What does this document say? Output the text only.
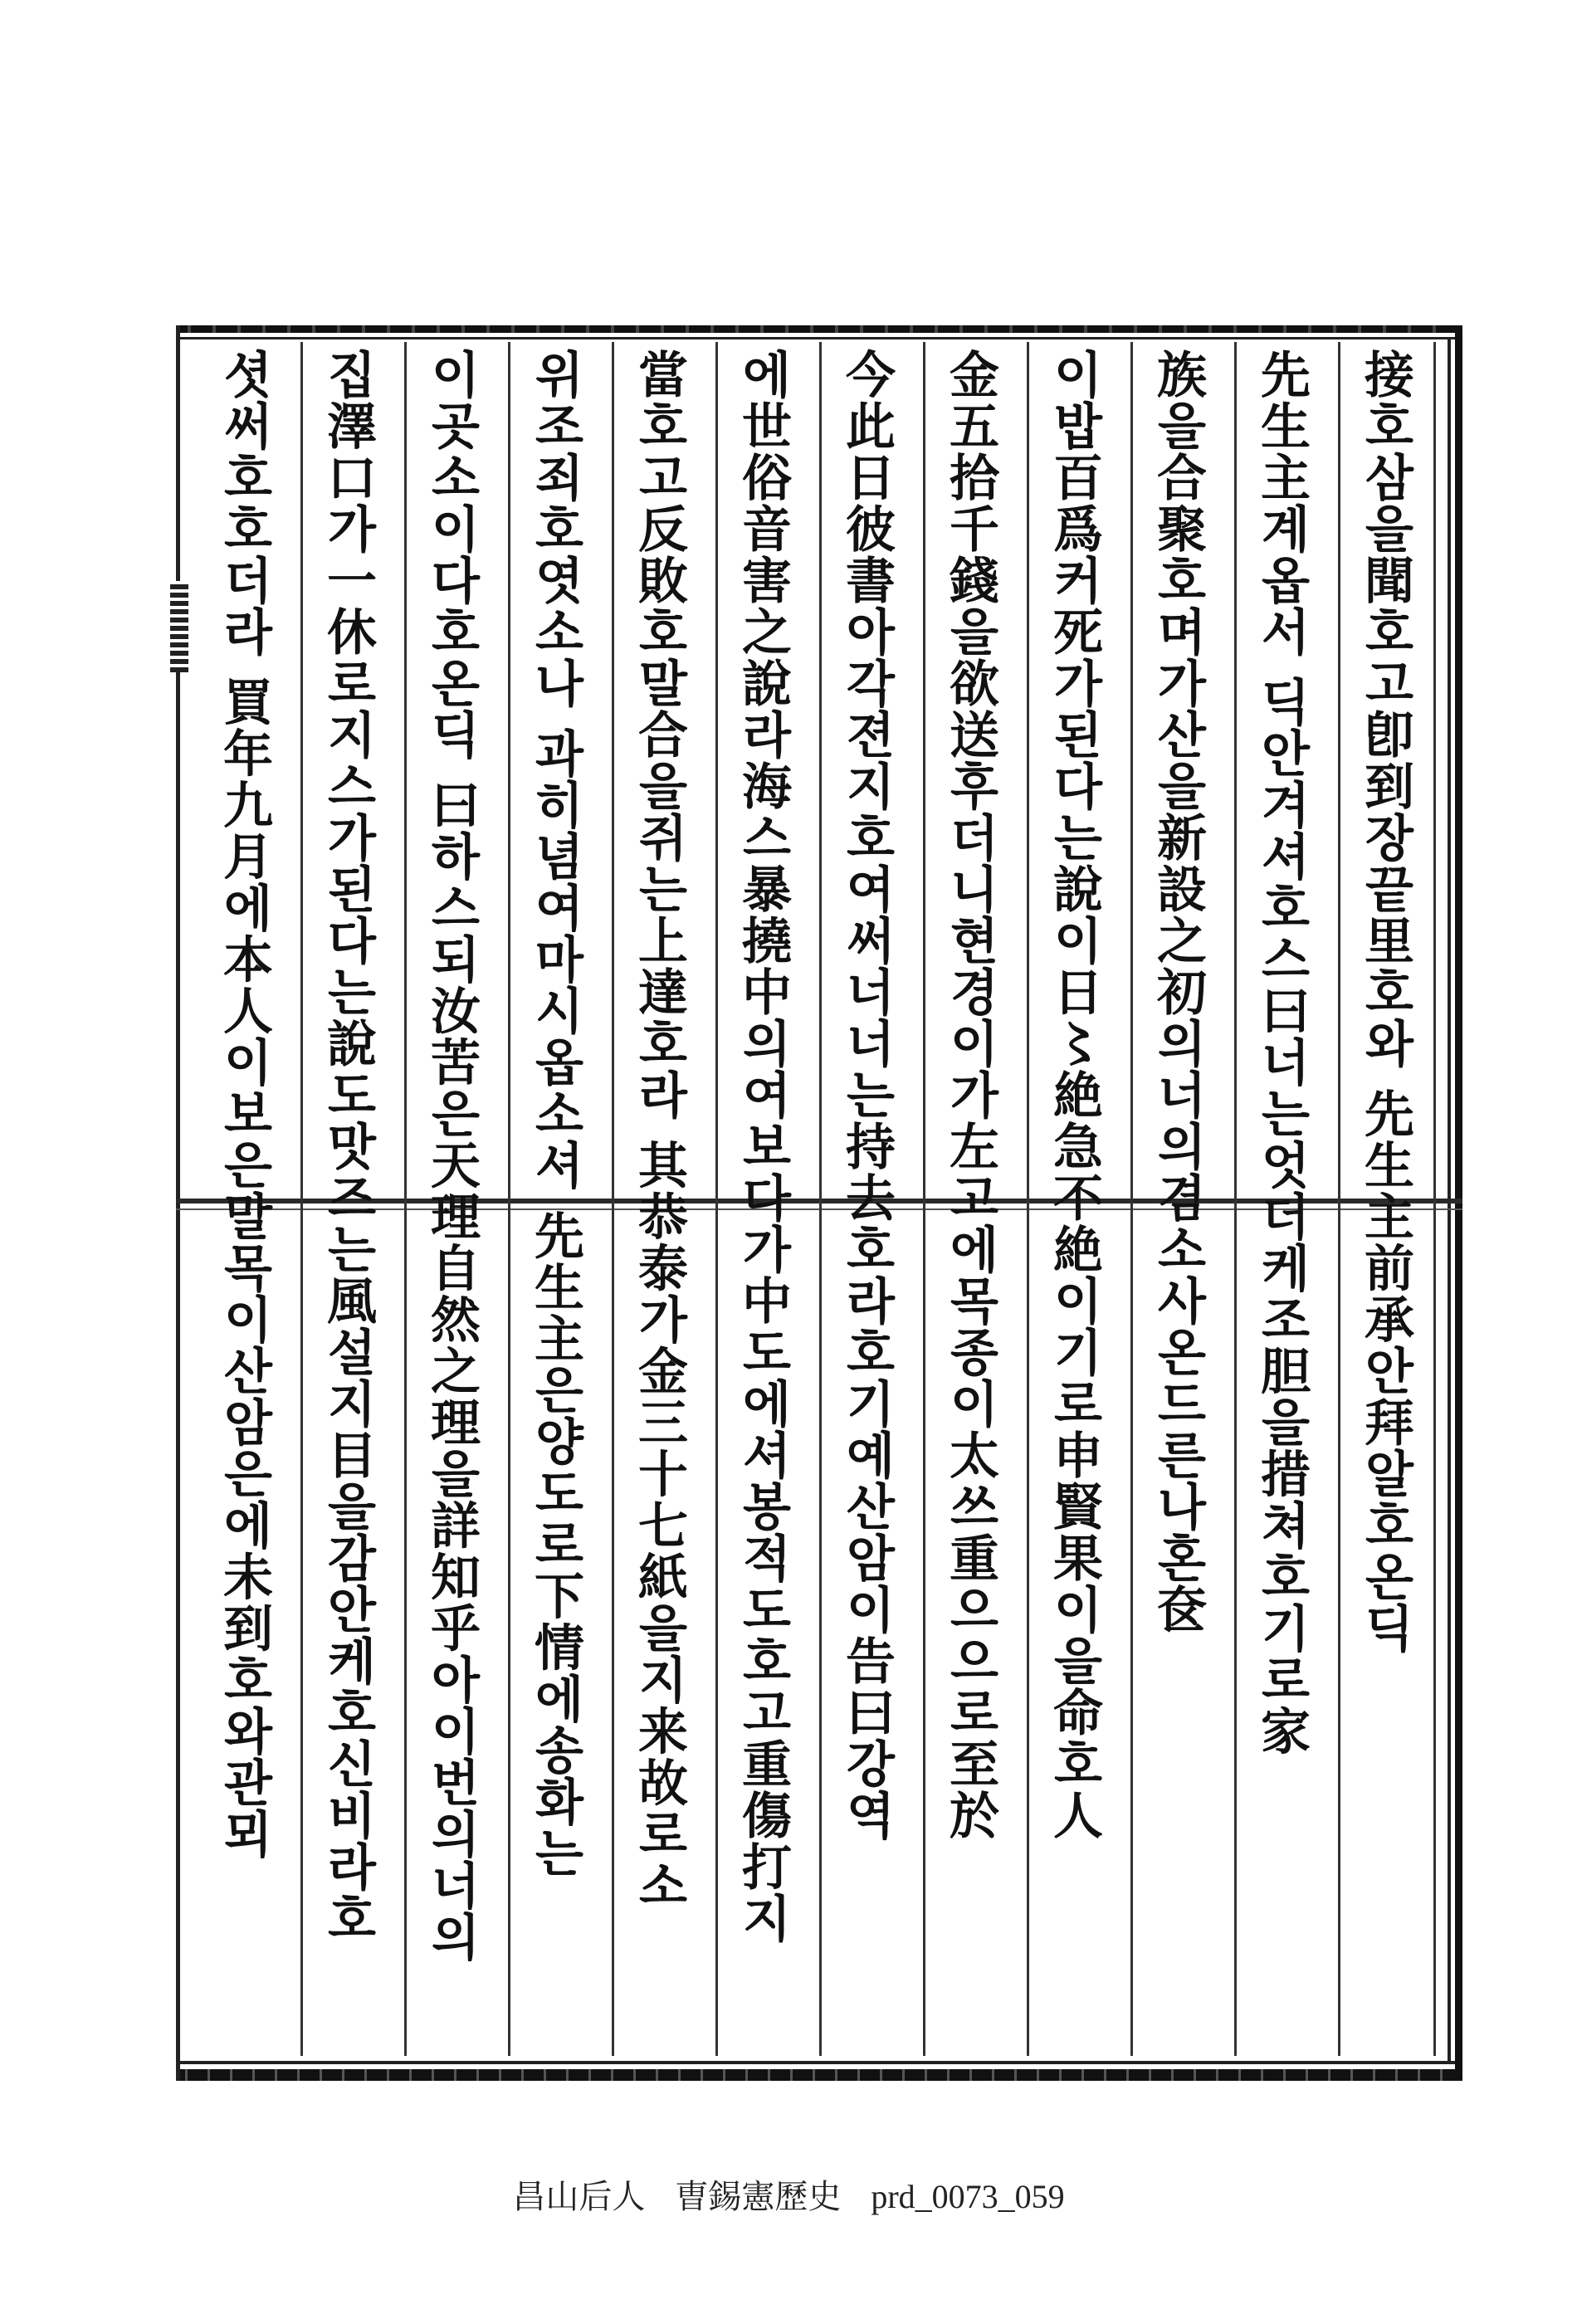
接호삼을聞호고卽到장끝里호와 先生主前承안拜알호온딕
先生主계옵서 딕안겨셔호스曰너는엇더케조胆을措쳐호기로家
族을合聚호며가산을新設之初의너의겸소사온드른나혼奁
이밥百爲커死가된다는說이日〻絶急不絶이기로申賢果이을命호人
金五拾千錢을欲送후더니현경이가左고에목종이太쓰重으으로至於
今此日彼書아각젼지호여써너너는持去호라호기예산암이告曰강역
에世俗音害之說라海스暴撓中의여보다가中도에셔봉적도호고重傷打지
當호고反敗호말合을쥐는上達호라 其恭泰가金三十七紙을지来故로소
위조죄호엿소나 과히념여마시옵소셔 先生主은양도로下情에송화는
이곳소이다호온딕 曰하스되汝苦은天理自然之理을詳知乎아이번의너의
집澤口가一休로지스가된다는說도맛즈는風설지目을감안케호신비라호
셧써호호더라 買年九月에本人이보은말목이산암은에未到호와관뫼
昌山后人 曺錫憲歷史 prd_0073_059
